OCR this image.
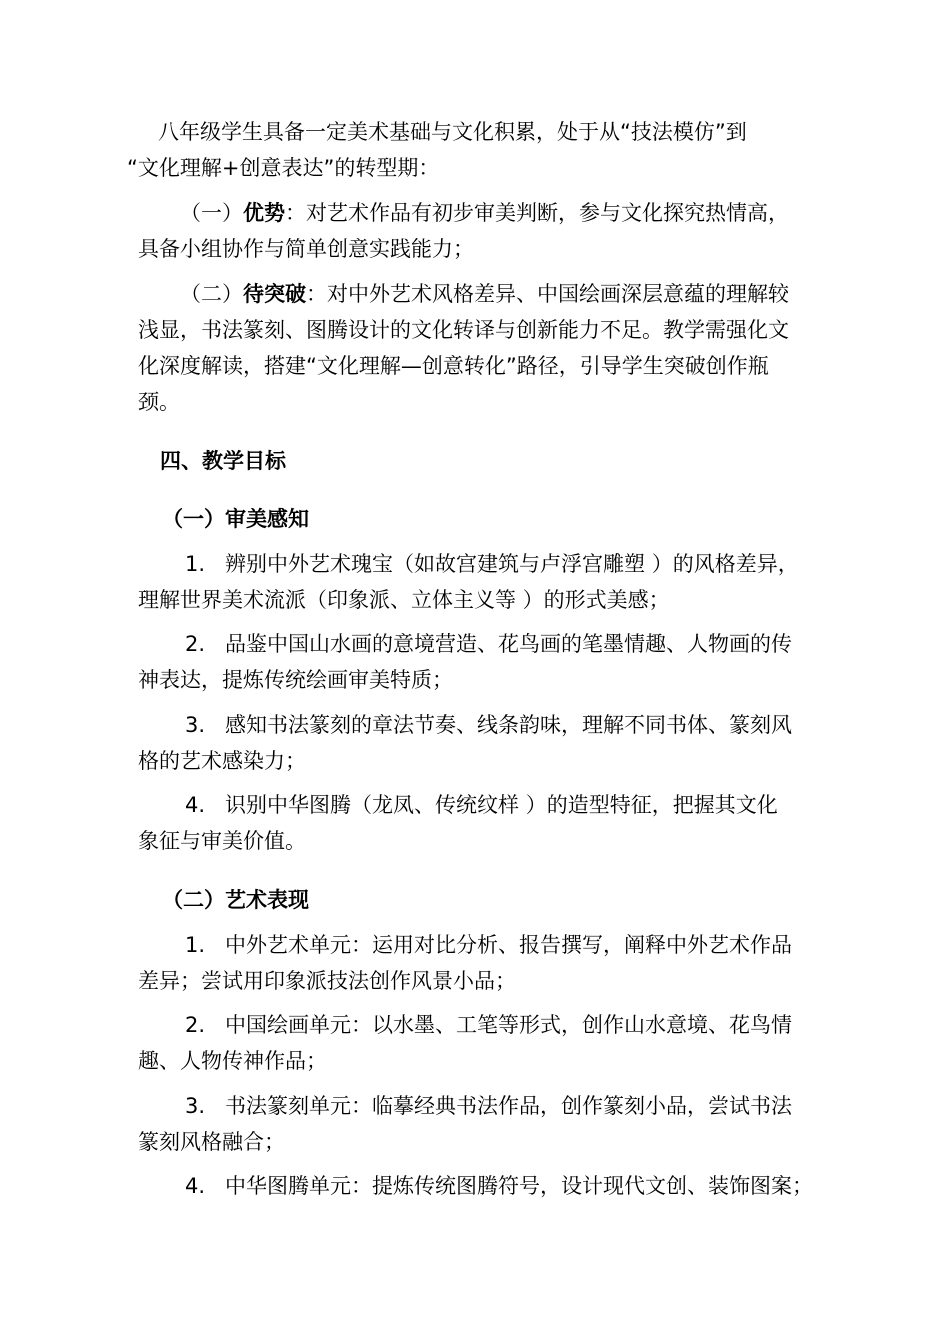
八年级学生具备一定美术基础与文化积累，处于从“技法模仿”到
“文化理解+创意表达”的转型期：
（一）优势：对艺术作品有初步审美判断，参与文化探究热情高，
具备小组协作与简单创意实践能力；
（二）待突破：对中外艺术风格差异、中国绘画深层意蕴的理解较
浅显，书法篆刻、图腾设计的文化转译与创新能力不足。教学需强化文
化深度解读，搭建“文化理解—创意转化”路径，引导学生突破创作瓶
颈。
四、教学目标
（一）审美感知
1.   辨别中外艺术瑰宝（如故宫建筑与卢浮宫雕塑 ）的风格差异，
理解世界美术流派（印象派、立体主义等 ）的形式美感；
2.   品鉴中国山水画的意境营造、花鸟画的笔墨情趣、人物画的传
神表达，提炼传统绘画审美特质；
3.   感知书法篆刻的章法节奏、线条韵味，理解不同书体、篆刻风
格的艺术感染力；
4.   识别中华图腾（龙凤、传统纹样 ）的造型特征，把握其文化
象征与审美价值。
（二）艺术表现
1.   中外艺术单元：运用对比分析、报告撰写，阐释中外艺术作品
差异；尝试用印象派技法创作风景小品；
2.   中国绘画单元：以水墨、工笔等形式，创作山水意境、花鸟情
趣、人物传神作品；
3.   书法篆刻单元：临摹经典书法作品，创作篆刻小品，尝试书法
篆刻风格融合；
4.   中华图腾单元：提炼传统图腾符号，设计现代文创、装饰图案；
